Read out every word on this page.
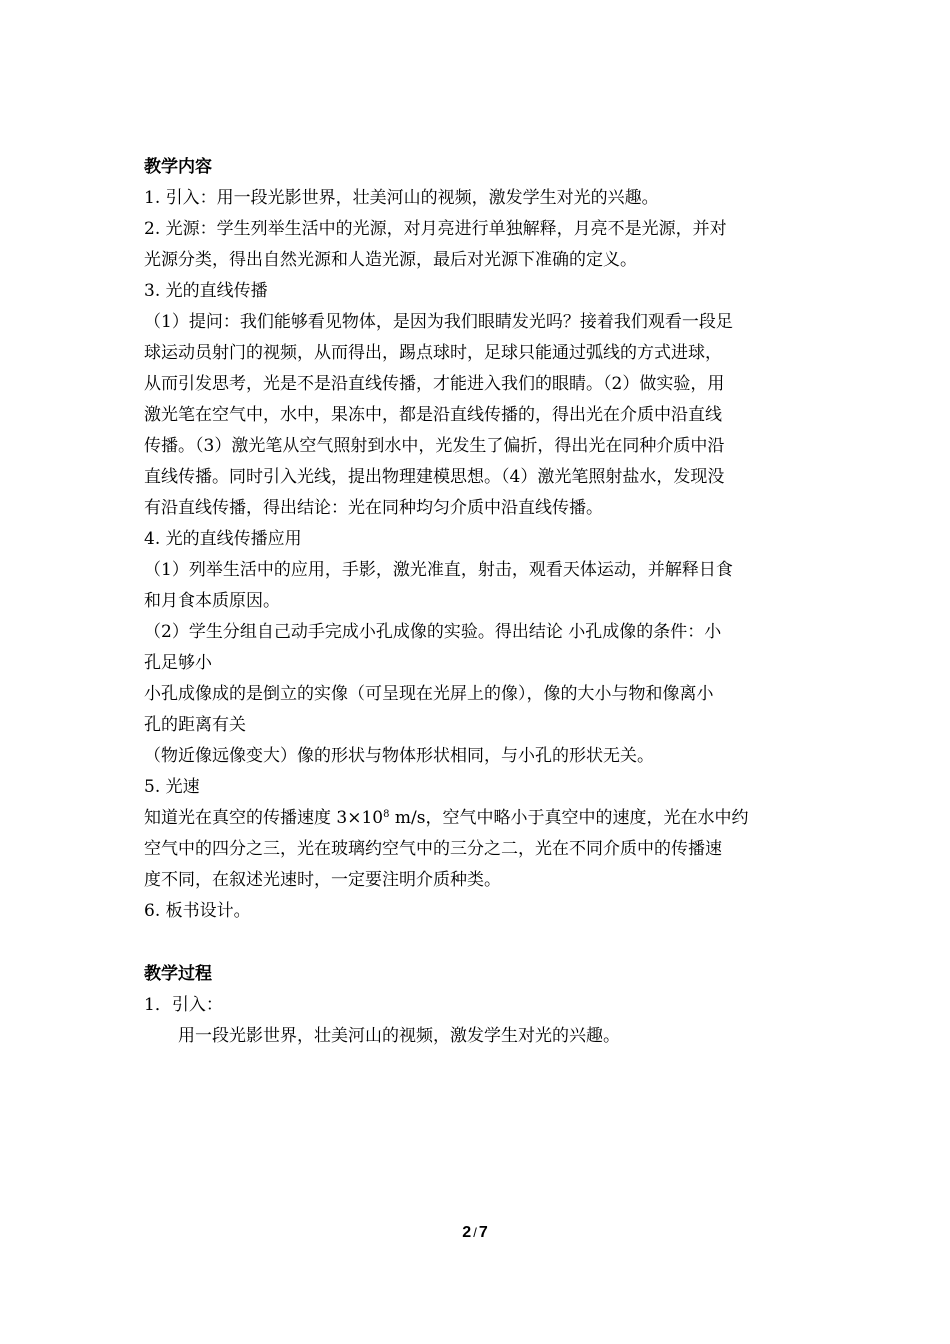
教学内容
1. 引入：用一段光影世界，壮美河山的视频，激发学生对光的兴趣。
2. 光源：学生列举生活中的光源，对月亮进行单独解释，月亮不是光源，并对
光源分类，得出自然光源和人造光源，最后对光源下准确的定义。
3. 光的直线传播
（1）提问：我们能够看见物体，是因为我们眼睛发光吗？接着我们观看一段足
球运动员射门的视频，从而得出，踢点球时，足球只能通过弧线的方式进球，
从而引发思考，光是不是沿直线传播，才能进入我们的眼睛。（2）做实验，用
激光笔在空气中，水中，果冻中，都是沿直线传播的，得出光在介质中沿直线
传播。（3）激光笔从空气照射到水中，光发生了偏折，得出光在同种介质中沿
直线传播。同时引入光线，提出物理建模思想。（4）激光笔照射盐水，发现没
有沿直线传播，得出结论：光在同种均匀介质中沿直线传播。
4. 光的直线传播应用
（1）列举生活中的应用，手影，激光准直，射击，观看天体运动，并解释日食
和月食本质原因。
（2）学生分组自己动手完成小孔成像的实验。得出结论 小孔成像的条件：小
孔足够小
小孔成像成的是倒立的实像（可呈现在光屏上的像），像的大小与物和像离小
孔的距离有关
（物近像远像变大）像的形状与物体形状相同，与小孔的形状无关。
5. 光速
知道光在真空的传播速度 $3\times 10^8$ m/s，空气中略小于真空中的速度，光在水中约
空气中的四分之三，光在玻璃约空气中的三分之二，光在不同介质中的传播速
度不同，在叙述光速时，一定要注明介质种类。
6. 板书设计。
教学过程
1．引入：
用一段光影世界，壮美河山的视频，激发学生对光的兴趣。
2 / 7
